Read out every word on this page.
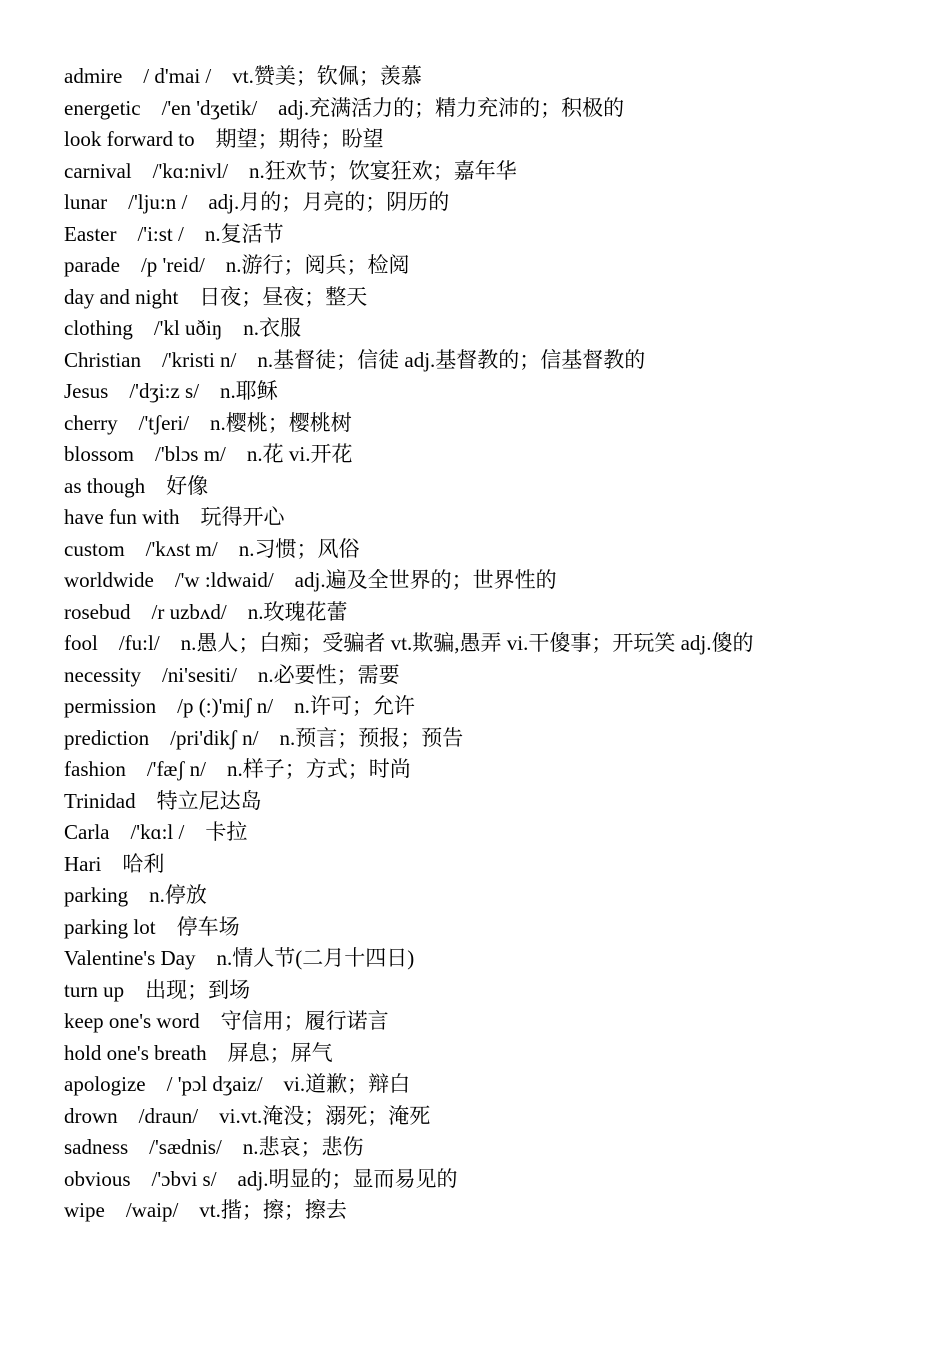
admire　/ d'mai /　vt.赞美；钦佩；羡慕
energetic　/'en 'dʒetik/　adj.充满活力的；精力充沛的；积极的
look forward to　期望；期待；盼望
carnival　/'kɑ:nivl/　n.狂欢节；饮宴狂欢；嘉年华
lunar　/'lju:n /　adj.月的；月亮的；阴历的
Easter　/'i:st /　n.复活节
parade　/p 'reid/　n.游行；阅兵；检阅
day and night　日夜；昼夜；整天
clothing　/'kl uðiŋ　n.衣服
Christian　/'kristi n/　n.基督徒；信徒 adj.基督教的；信基督教的
Jesus　/'dʒi:z s/　n.耶稣
cherry　/'tʃeri/　n.樱桃；樱桃树
blossom　/'blɔs m/　n.花 vi.开花
as though　好像
have fun with　玩得开心
custom　/'kʌst m/　n.习惯；风俗
worldwide　/'w :ldwaid/　adj.遍及全世界的；世界性的
rosebud　/r uzbʌd/　n.玫瑰花蕾
fool　/fu:l/　n.愚人；白痴；受骗者 vt.欺骗,愚弄 vi.干傻事；开玩笑 adj.傻的
necessity　/ni'sesiti/　n.必要性；需要
permission　/p (:)'miʃ n/　n.许可；允许
prediction　/pri'dikʃ n/　n.预言；预报；预告
fashion　/'fæʃ n/　n.样子；方式；时尚
Trinidad　特立尼达岛
Carla　/'kɑ:l /　卡拉
Hari　哈利
parking　n.停放
parking lot　停车场
Valentine's Day　n.情人节(二月十四日)
turn up　出现；到场
keep one's word　守信用；履行诺言
hold one's breath　屏息；屏气
apologize　/ 'pɔl dʒaiz/　vi.道歉；辩白
drown　/draun/　vi.vt.淹没；溺死；淹死
sadness　/'sædnis/　n.悲哀；悲伤
obvious　/'ɔbvi s/　adj.明显的；显而易见的
wipe　/waip/　vt.揩；擦；擦去
